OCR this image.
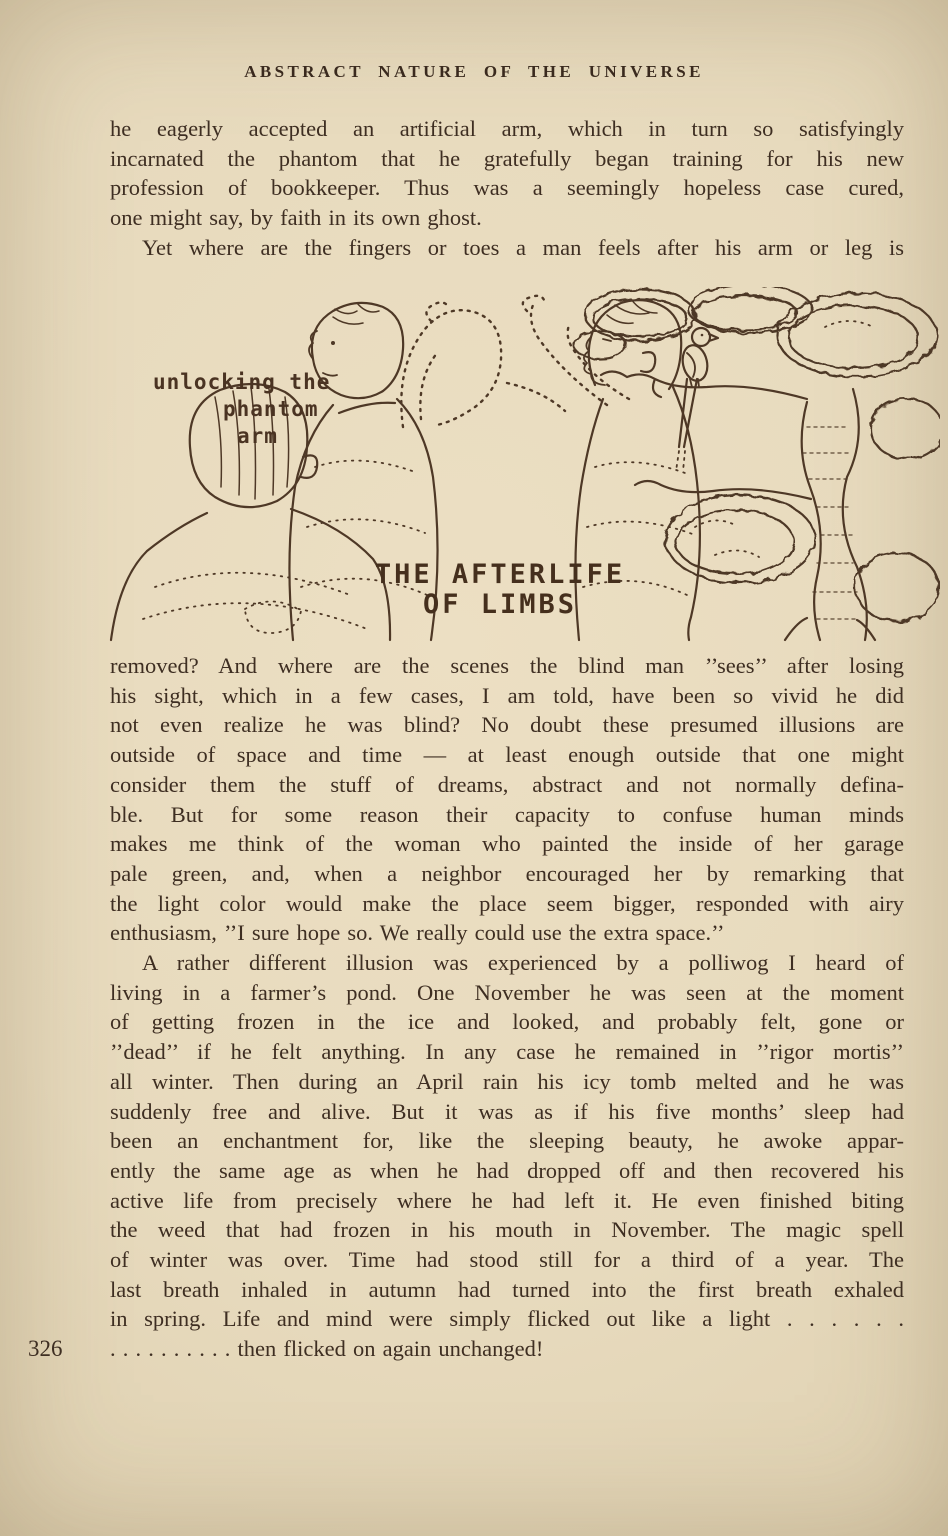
ABSTRACT NATURE OF THE UNIVERSE
he eagerly accepted an artificial arm, which in turn so satisfyingly
incarnated the phantom that he gratefully began training for his new
profession of bookkeeper. Thus was a seemingly hopeless case cured,
one might say, by faith in its own ghost.
Yet where are the fingers or toes a man feels after his arm or leg is
unlocking the
phantom
arm
THE AFTERLIFE
OF LIMBS
removed? And where are the scenes the blind man ’’sees’’ after losing
his sight, which in a few cases, I am told, have been so vivid he did
not even realize he was blind? No doubt these presumed illusions are
outside of space and time — at least enough outside that one might
consider them the stuff of dreams, abstract and not normally defina-
ble. But for some reason their capacity to confuse human minds
makes me think of the woman who painted the inside of her garage
pale green, and, when a neighbor encouraged her by remarking that
the light color would make the place seem bigger, responded with airy
enthusiasm, ’’I sure hope so. We really could use the extra space.’’
A rather different illusion was experienced by a polliwog I heard of
living in a farmer’s pond. One November he was seen at the moment
of getting frozen in the ice and looked, and probably felt, gone or
’’dead’’ if he felt anything. In any case he remained in ’’rigor mortis’’
all winter. Then during an April rain his icy tomb melted and he was
suddenly free and alive. But it was as if his five months’ sleep had
been an enchantment for, like the sleeping beauty, he awoke appar-
ently the same age as when he had dropped off and then recovered his
active life from precisely where he had left it. He even finished biting
the weed that had frozen in his mouth in November. The magic spell
of winter was over. Time had stood still for a third of a year. The
last breath inhaled in autumn had turned into the first breath exhaled
in spring. Life and mind were simply flicked out like a light . . . . . .
. . . . . . . . . . then flicked on again unchanged!
326
